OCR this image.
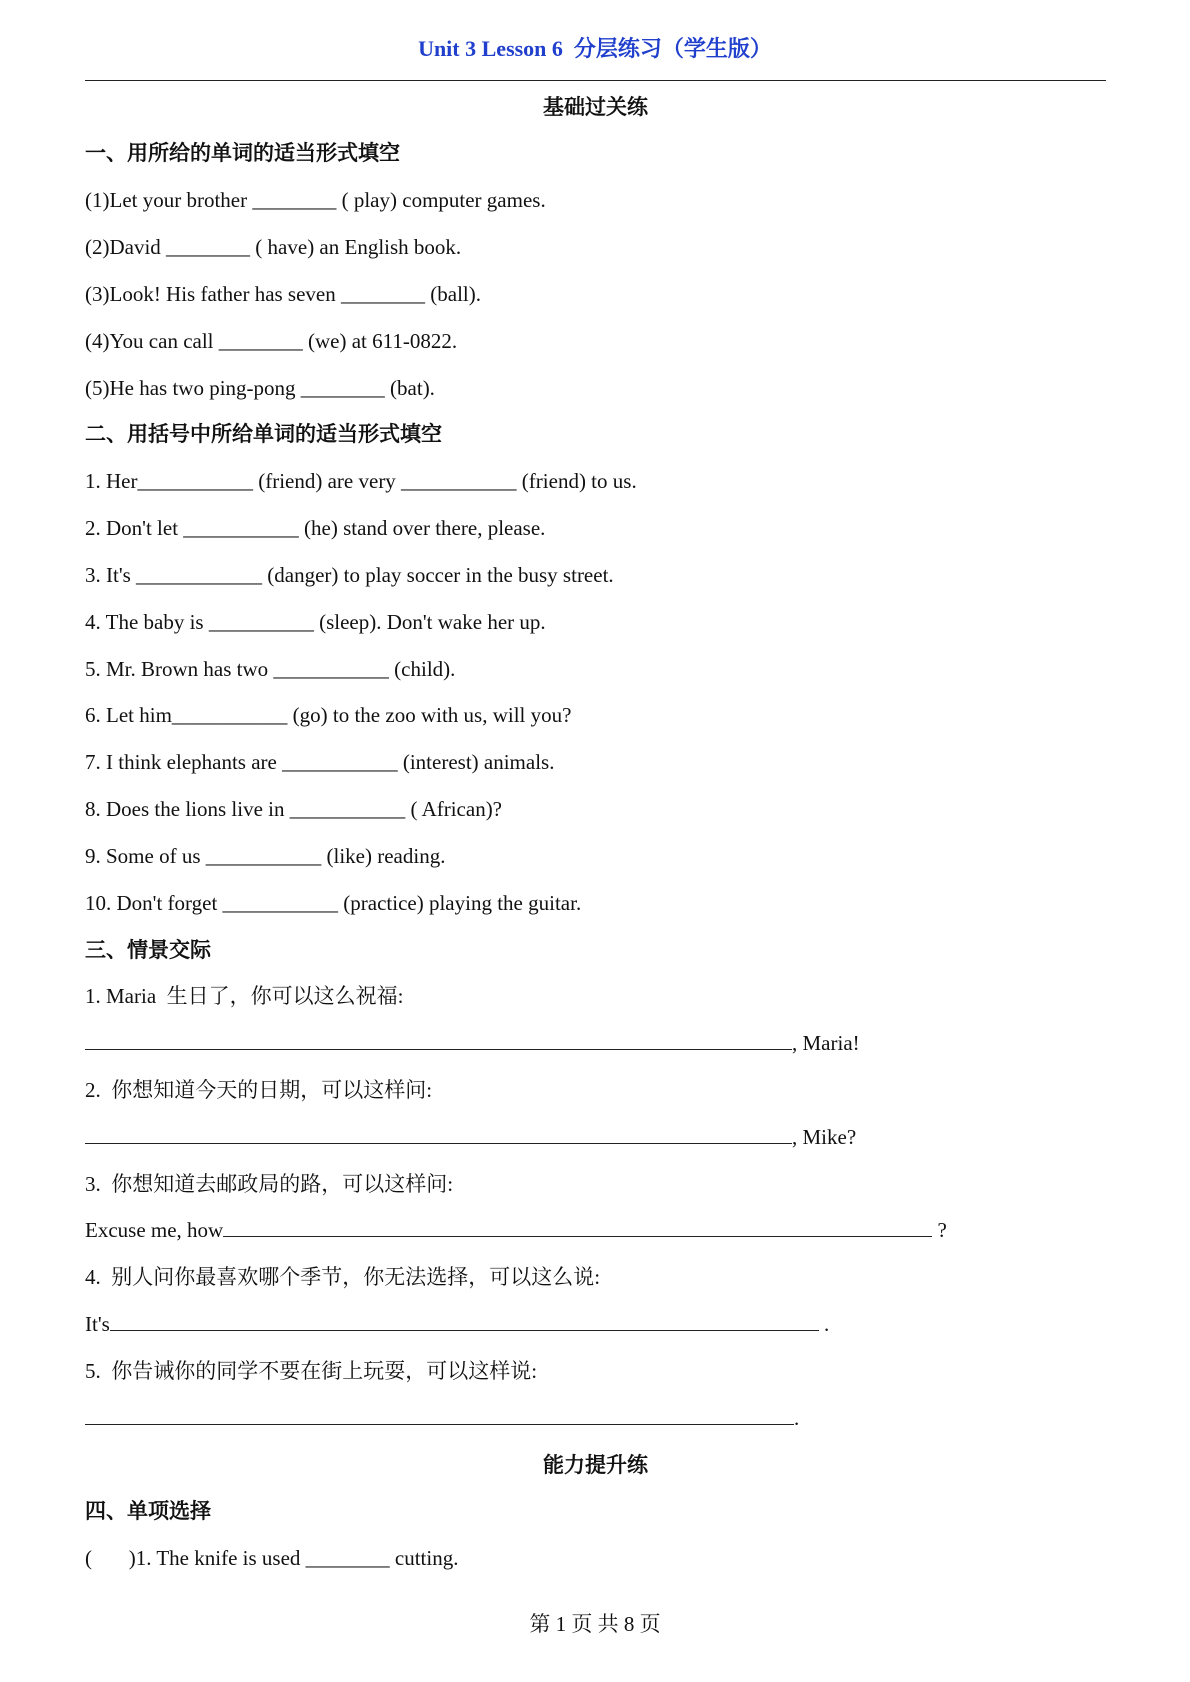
Unit 3 Lesson 6  分层练习（学生版）
基础过关练
一、用所给的单词的适当形式填空
(1)Let your brother ________ ( play) computer games.
(2)David ________ ( have) an English book.
(3)Look! His father has seven ________ (ball).
(4)You can call ________ (we) at 611-0822.
(5)He has two ping-pong ________ (bat).
二、用括号中所给单词的适当形式填空
1. Her___________ (friend) are very ___________ (friend) to us.
2. Don't let ___________ (he) stand over there, please.
3. It's ____________ (danger) to play soccer in the busy street.
4. The baby is __________ (sleep). Don't wake her up.
5. Mr. Brown has two ___________ (child).
6. Let him___________ (go) to the zoo with us, will you?
7. I think elephants are ___________ (interest) animals.
8. Does the lions live in ___________ ( African)?
9. Some of us ___________ (like) reading.
10. Don't forget ___________ (practice) playing the guitar.
三、情景交际
1. Maria  生日了，你可以这么祝福:
, Maria!
2.  你想知道今天的日期，可以这样问:
, Mike?
3.  你想知道去邮政局的路，可以这样问:
Excuse me, how	?
4.  别人问你最喜欢哪个季节，你无法选择，可以这么说:
It's	.
5.  你告诫你的同学不要在街上玩耍，可以这样说:
.
能力提升练
四、单项选择
(       )1. The knife is used ________ cutting.
第 1 页 共 8 页
